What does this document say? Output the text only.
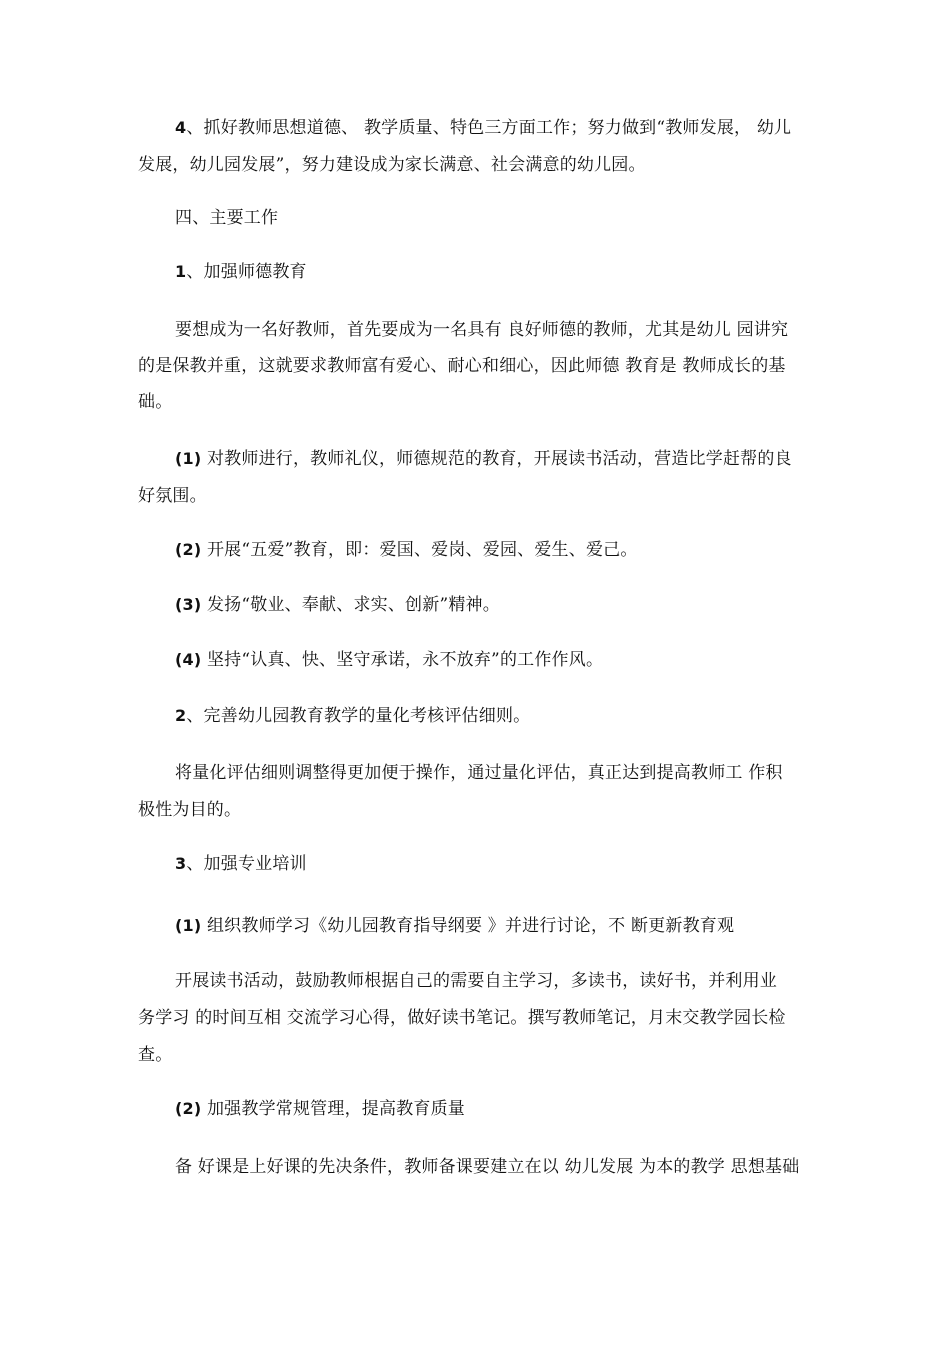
4、抓好教师思想道德、 教学质量、特色三方面工作；努力做到“教师发展， 幼儿

发展，幼儿园发展”，努力建设成为家长满意、社会满意的幼儿园。

四、主要工作

1、加强师德教育

要想成为一名好教师，首先要成为一名具有 良好师德的教师，尤其是幼儿 园讲究

的是保教并重，这就要求教师富有爱心、耐心和细心，因此师德 教育是 教师成长的基

础。

(1) 对教师进行，教师礼仪，师德规范的教育，开展读书活动，营造比学赶帮的良

好氛围。

(2) 开展“五爱”教育，即：爱国、爱岗、爱园、爱生、爱己。

(3) 发扬“敬业、奉献、求实、创新”精神。

(4) 坚持“认真、快、坚守承诺，永不放弃”的工作作风。

2、完善幼儿园教育教学的量化考核评估细则。

将量化评估细则调整得更加便于操作，通过量化评估，真正达到提高教师工 作积

极性为目的。

3、加强专业培训

(1) 组织教师学习《幼儿园教育指导纲要 》并进行讨论，不 断更新教育观

开展读书活动，鼓励教师根据自己的需要自主学习，多读书，读好书，并利用业

务学习 的时间互相 交流学习心得，做好读书笔记。撰写教师笔记，月末交教学园长检

查。

(2) 加强教学常规管理，提高教育质量

备 好课是上好课的先决条件，教师备课要建立在以 幼儿发展 为本的教学 思想基础
